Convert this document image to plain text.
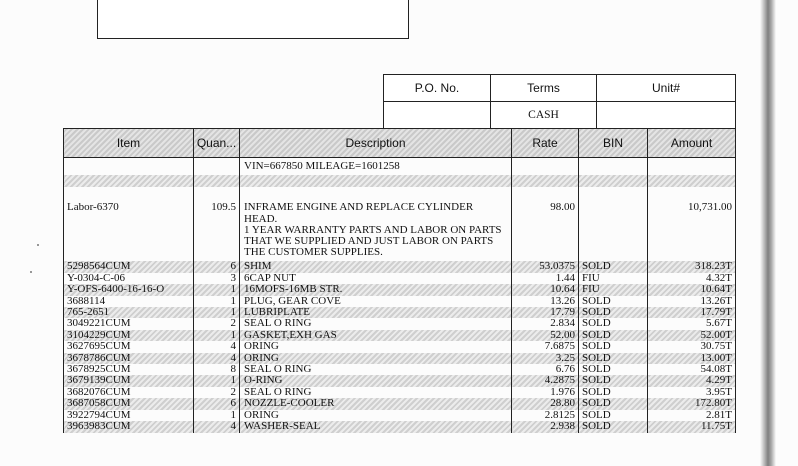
P.O. No.	Terms	Unit#
	CASH	
Item	Quan...	Description	Rate	BIN	Amount
		VIN=667850 MILEAGE=1601258			

Labor-6370	109.5	INFRAME ENGINE AND REPLACE CYLINDER HEAD.
1 YEAR WARRANTY PARTS AND LABOR ON PARTS THAT WE SUPPLIED AND JUST LABOR ON PARTS THE CUSTOMER SUPPLIES.	98.00		10,731.00
5298564CUM	6	SHIM	53.0375	SOLD	318.23T
Y-0304-C-06	3	6CAP NUT	1.44	FIU	4.32T
Y-OFS-6400-16-16-O	1	16MOFS-16MB STR.	10.64	FIU	10.64T
3688114	1	PLUG, GEAR COVE	13.26	SOLD	13.26T
765-2651	1	LUBRIPLATE	17.79	SOLD	17.79T
3049221CUM	2	SEAL O RING	2.834	SOLD	5.67T
3104229CUM	1	GASKET,EXH GAS	52.00	SOLD	52.00T
3627695CUM	4	ORING	7.6875	SOLD	30.75T
3678786CUM	4	ORING	3.25	SOLD	13.00T
3678925CUM	8	SEAL O RING	6.76	SOLD	54.08T
3679139CUM	1	O-RING	4.2875	SOLD	4.29T
3682076CUM	2	SEAL O RING	1.976	SOLD	3.95T
3687058CUM	6	NOZZLE-COOLER	28.80	SOLD	172.80T
3922794CUM	1	ORING	2.8125	SOLD	2.81T
3963983CUM	4	WASHER-SEAL	2.938	SOLD	11.75T
